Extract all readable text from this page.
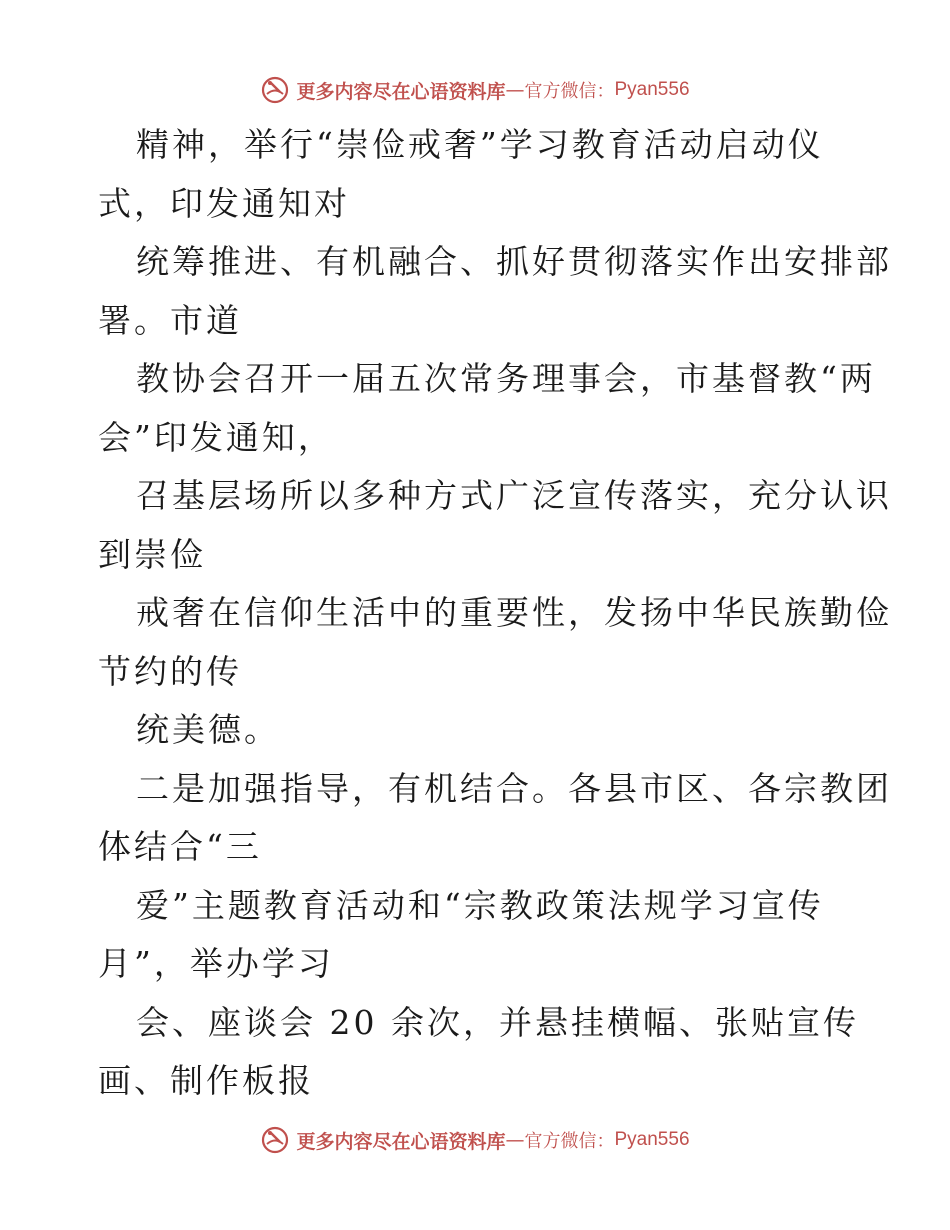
更多内容尽在心语资料库 — 官方微信： Pyan556
精神，举行“崇俭戒奢”学习教育活动启动仪
式，印发通知对
统筹推进、有机融合、抓好贯彻落实作出安排部
署。市道
教协会召开一届五次常务理事会，市基督教“两
会”印发通知，
召基层场所以多种方式广泛宣传落实，充分认识
到崇俭
戒奢在信仰生活中的重要性，发扬中华民族勤俭
节约的传
统美德。
二是加强指导，有机结合。各县市区、各宗教团
体结合“三
爱”主题教育活动和“宗教政策法规学习宣传
月”，举办学习
会、座谈会 20 余次，并悬挂横幅、张贴宣传
画、制作板报
更多内容尽在心语资料库 — 官方微信： Pyan556
